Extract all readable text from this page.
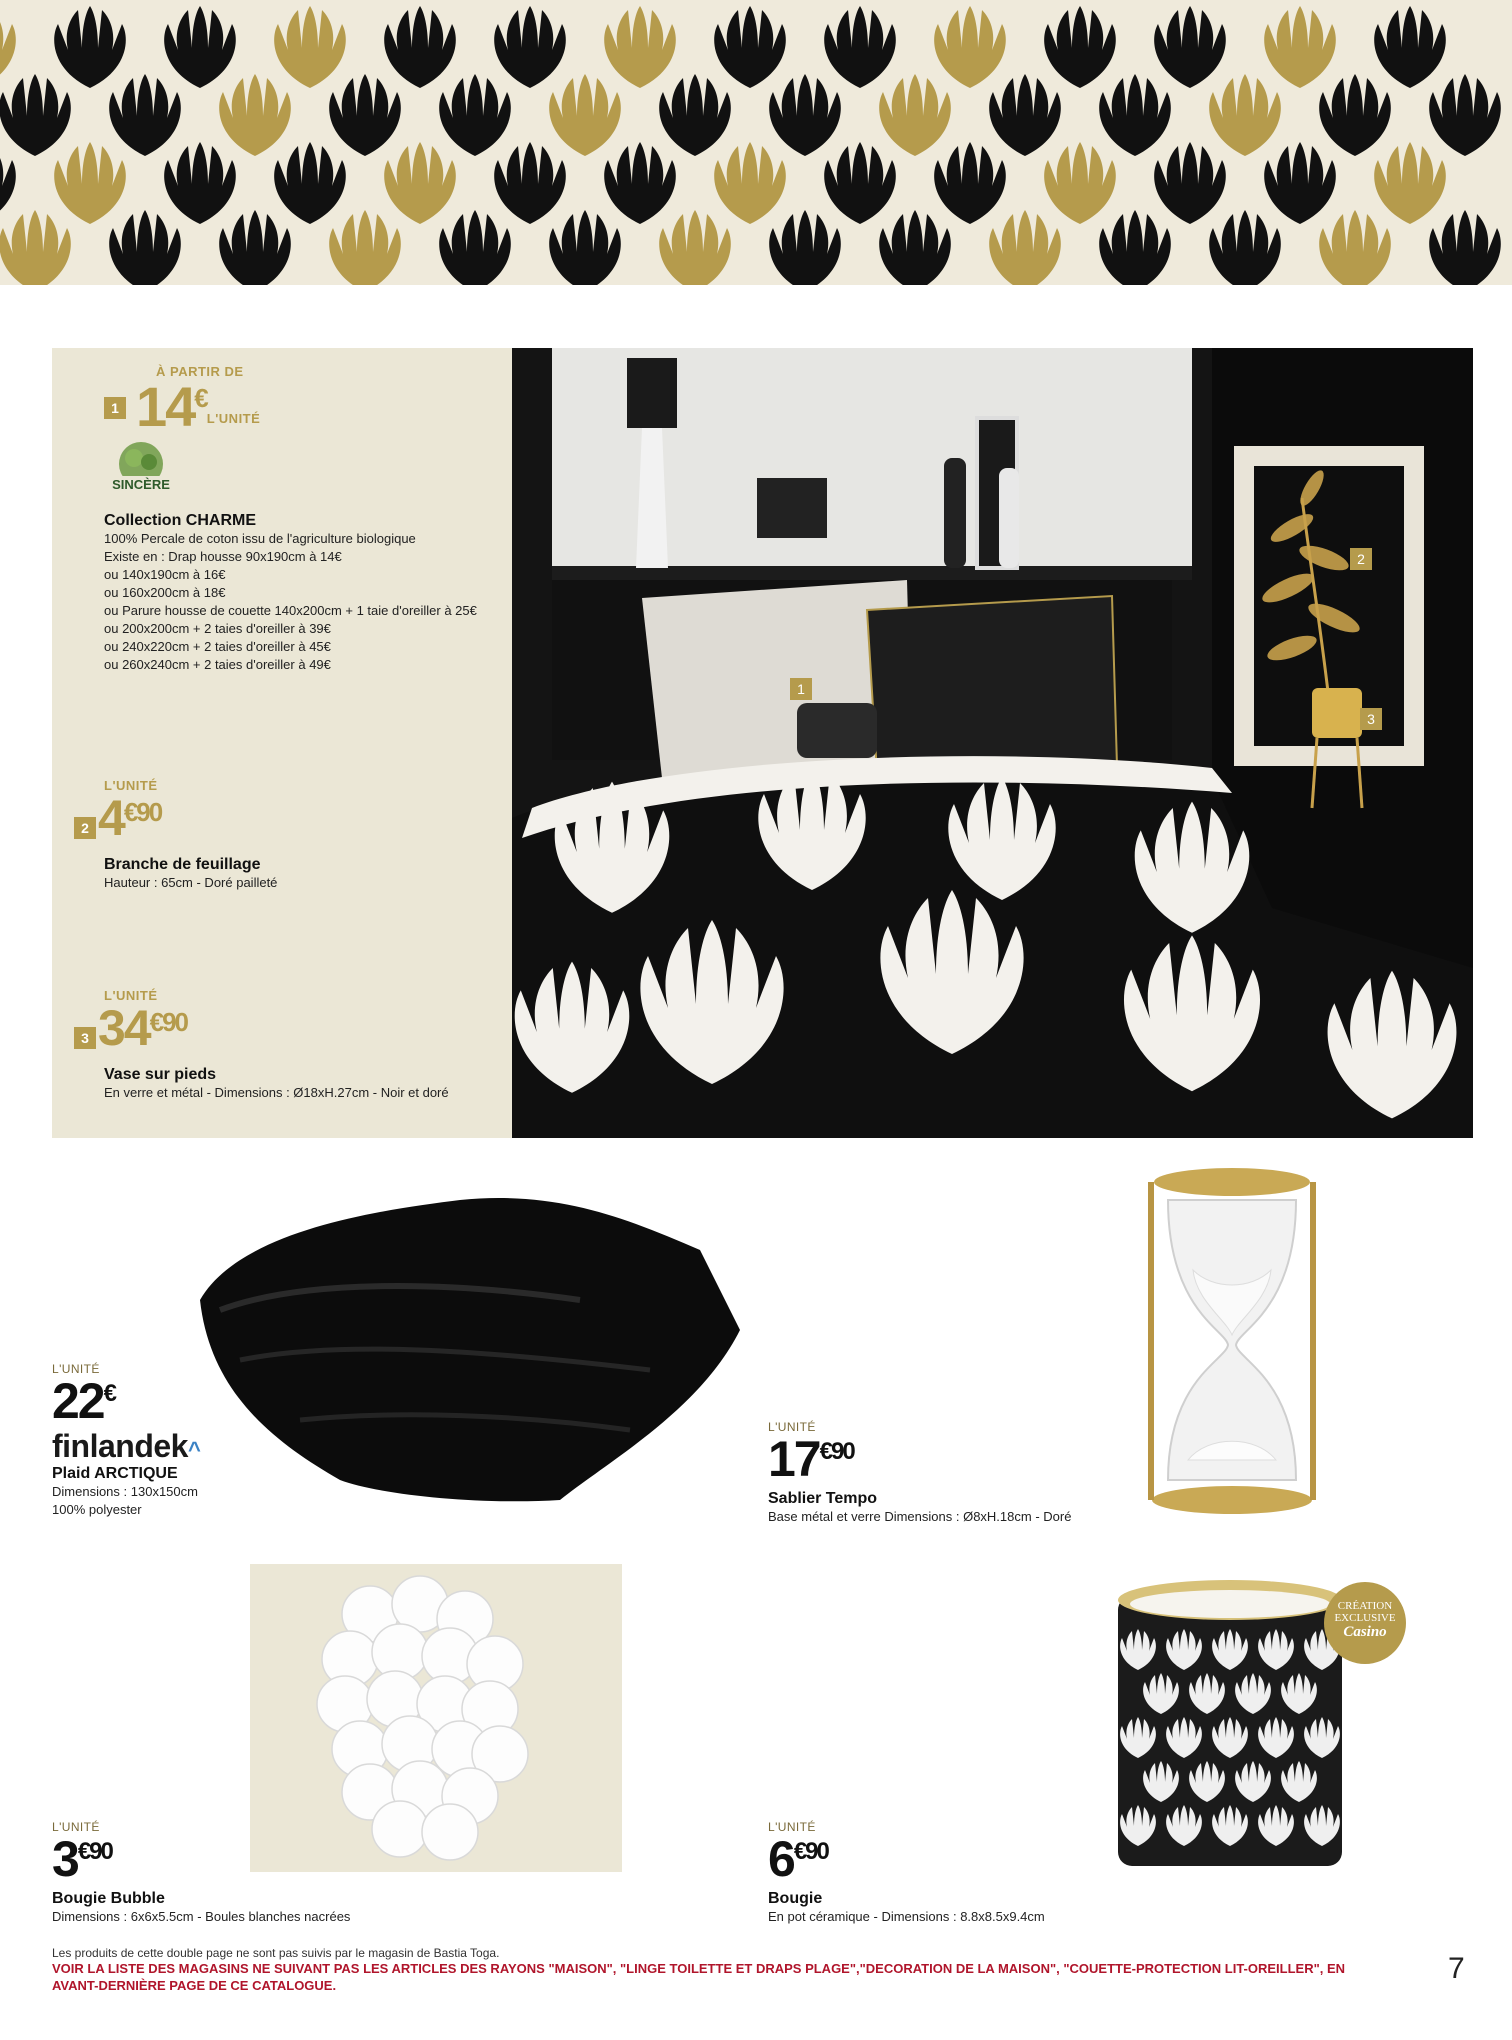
À PARTIR DE
1 14€
L'UNITÉ
SINCÈRE

Collection CHARME

100% Percale de coton issu de l'agriculture biologique

Existe en : Drap housse 90x190cm à 14€

ou 140x190cm à 16€

ou 160x200cm à 18€

ou Parure housse de couette 140x200cm + 1 taie d'oreiller à 25€

ou 200x200cm + 2 taies d'oreiller à 39€

ou 240x220cm + 2 taies d'oreiller à 45€

ou 260x240cm + 2 taies d'oreiller à 49€

L'UNITÉ
2 $4^{€90}$

Branche de feuillage

Hauteur : 65cm - Doré pailleté

L'UNITÉ
3 $34^{€90}$

Vase sur pieds

En verre et métal - Dimensions : Ø18xH.27cm - Noir et doré

1
2
3
L'UNITÉ
22€
finlandek^

Plaid ARCTIQUE

Dimensions : 130x150cm

100% polyester

L'UNITÉ
$17^{€90}$

Sablier Tempo

Base métal et verre Dimensions : Ø8xH.18cm - Doré

L'UNITÉ
$3^{€90}$

Bougie Bubble

Dimensions : 6x6x5.5cm - Boules blanches nacrées

CRÉATION
EXCLUSIVE
Casino
L'UNITÉ
$6^{€90}$

Bougie

En pot céramique - Dimensions : 8.8x8.5x9.4cm

Les produits de cette double page ne sont pas suivis par le magasin de Bastia Toga.
VOIR LA LISTE DES MAGASINS NE SUIVANT PAS LES ARTICLES DES RAYONS "MAISON", "LINGE TOILETTE ET DRAPS PLAGE","DECORATION DE LA MAISON", "COUETTE-PROTECTION LIT-OREILLER", EN
AVANT-DERNIÈRE PAGE DE CE CATALOGUE.
7
